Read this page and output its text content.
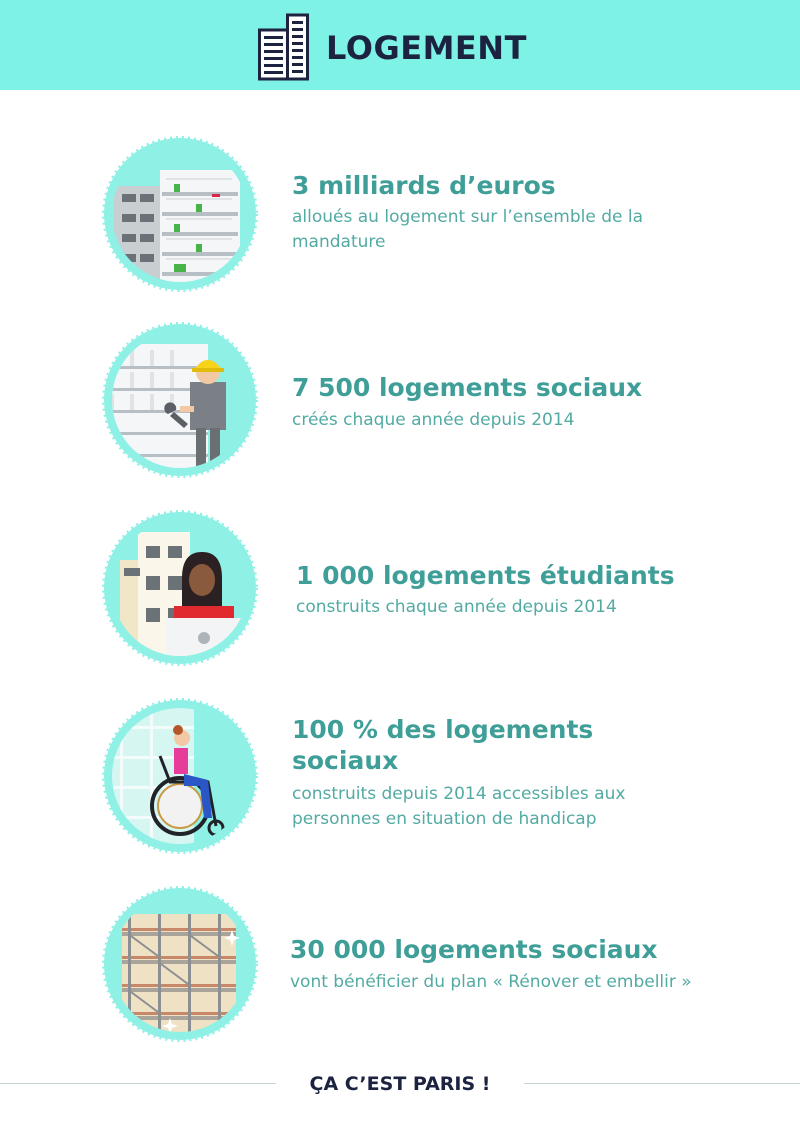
LOGEMENT
3 milliards d’euros

alloués au logement sur l’ensemble de la

mandature

7 500 logements sociaux

créés chaque année depuis 2014

1 000 logements étudiants

construits chaque année depuis 2014

100 % des logements
sociaux

construits depuis 2014 accessibles aux

personnes en situation de handicap

30 000 logements sociaux

vont bénéficier du plan « Rénover et embellir »

ÇA C’EST PARIS !
